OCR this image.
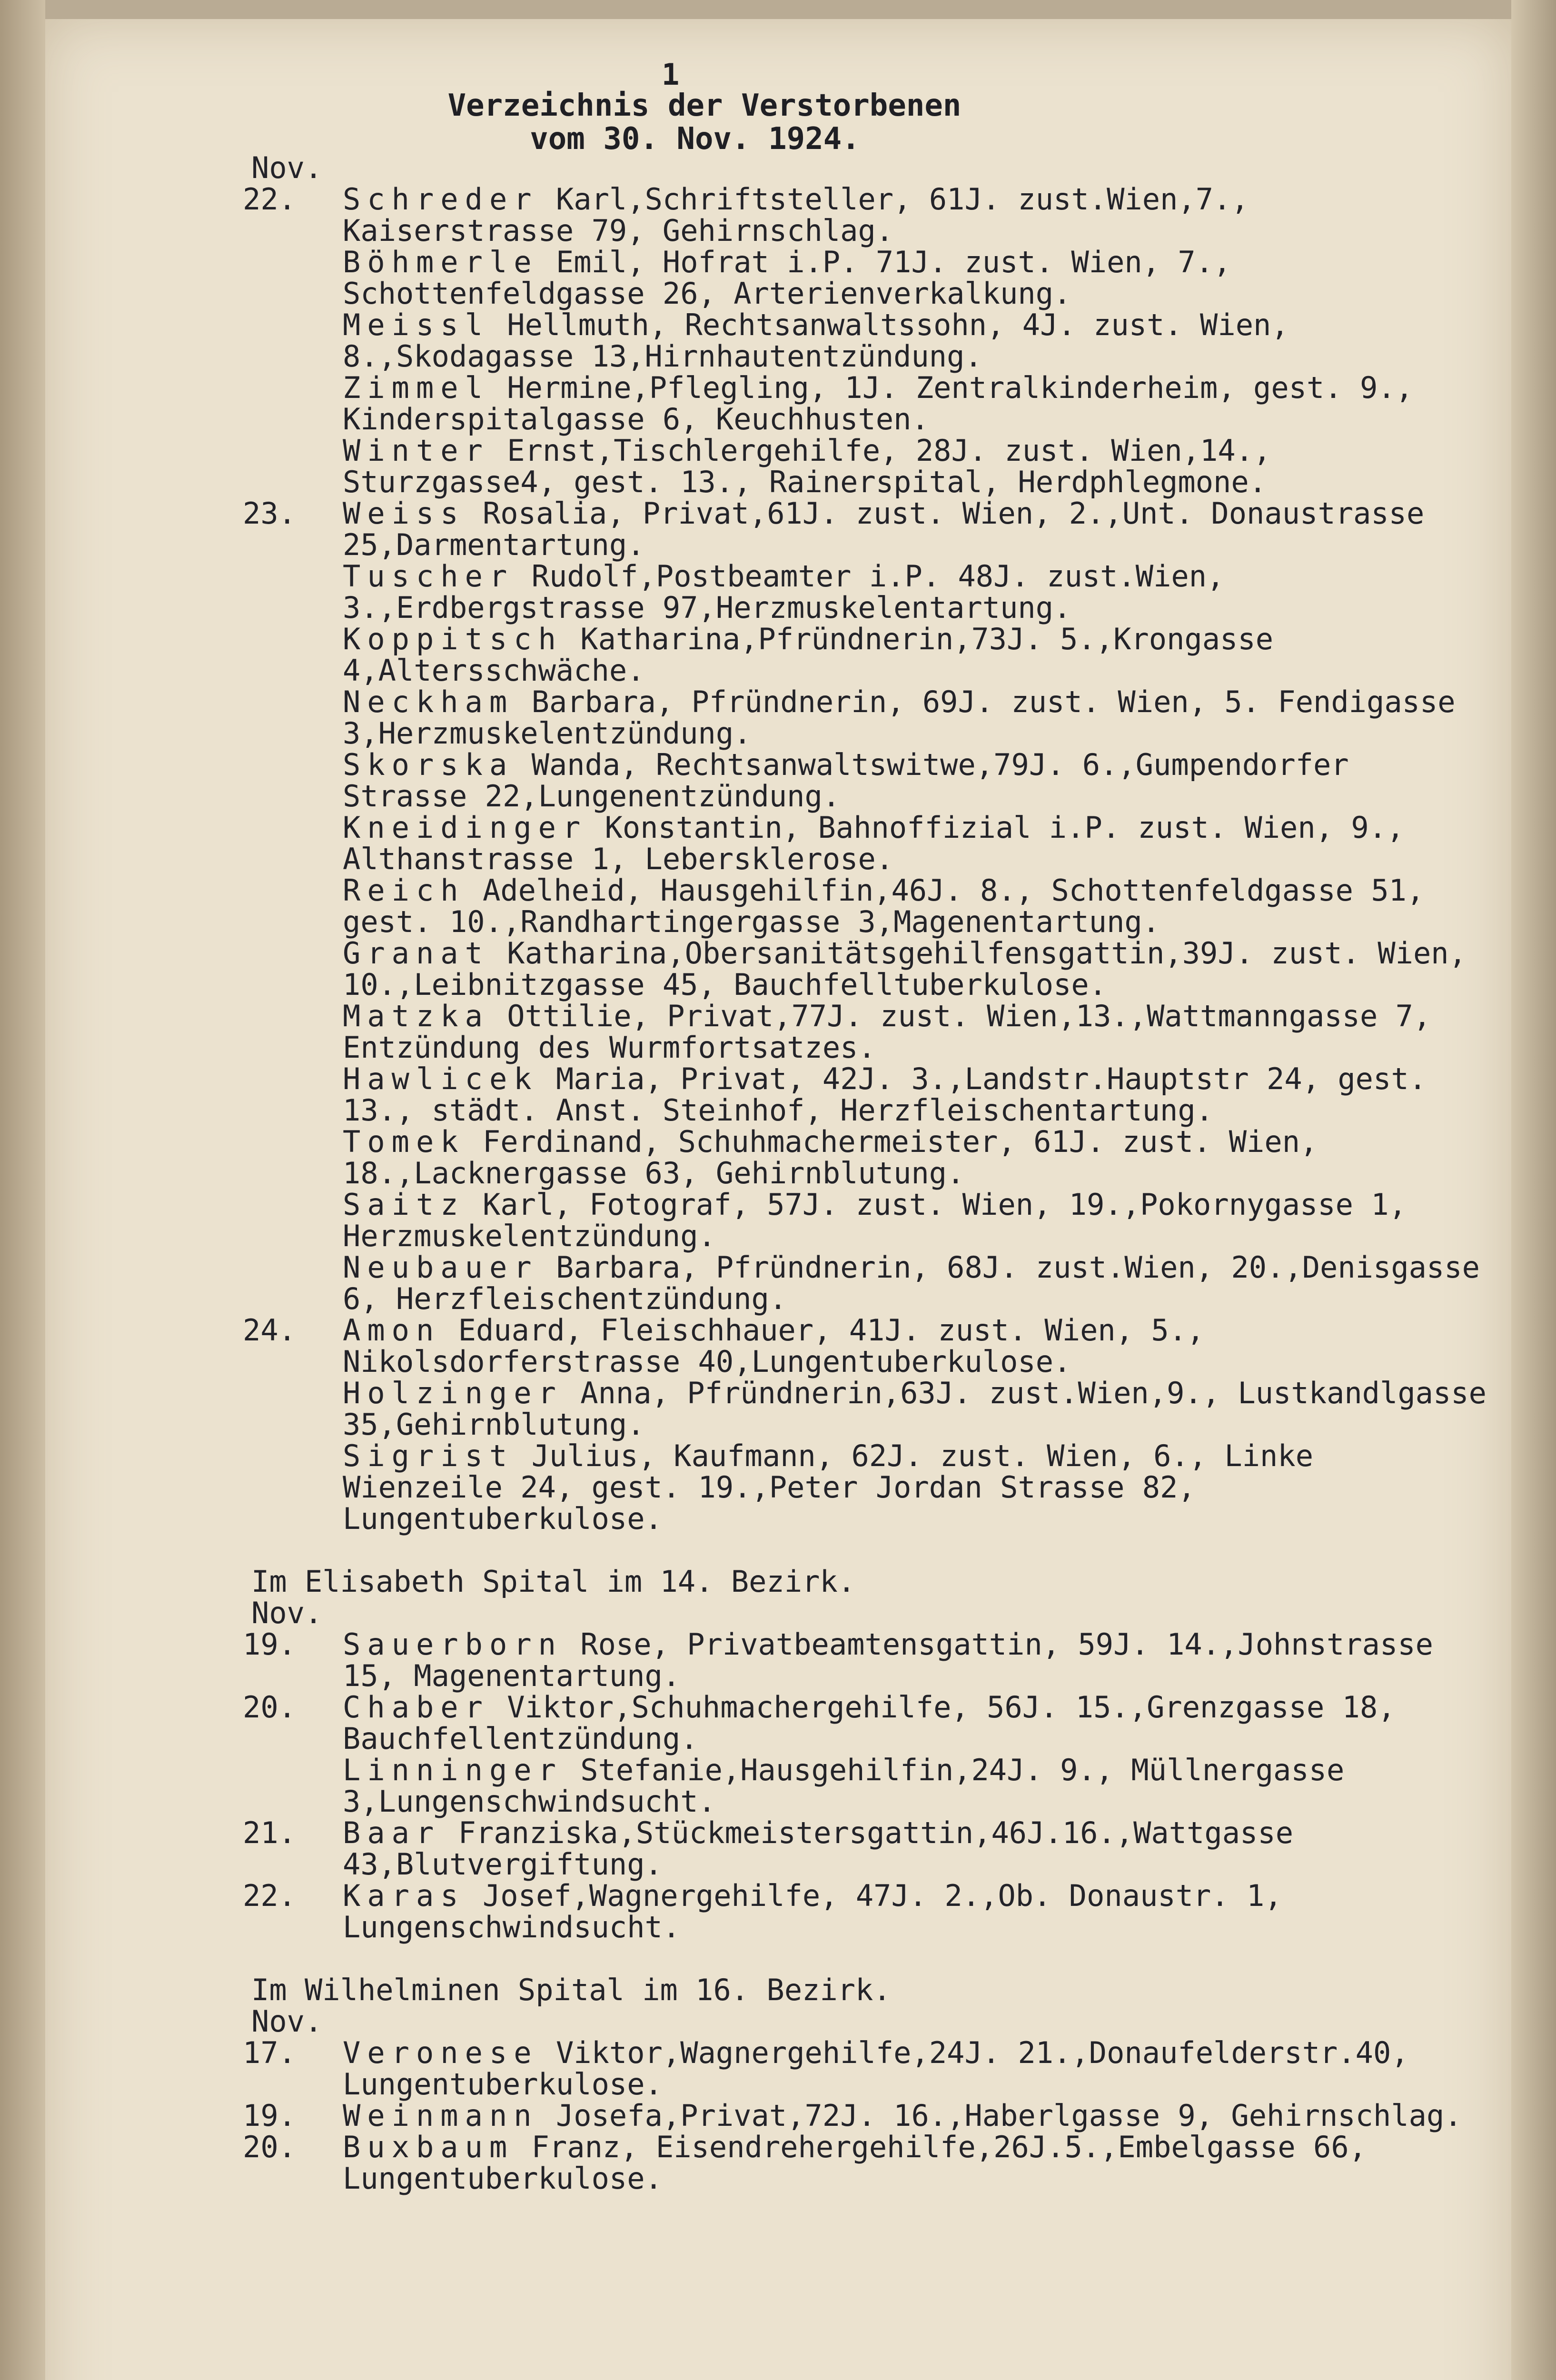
1
Verzeichnis der Verstorbenen
vom 30. Nov. 1924.
Nov.
22.	Schreder Karl,Schriftsteller, 61J. zust.Wien,7., Kaiserstrasse 79, Gehirnschlag.
Böhmerle Emil, Hofrat i.P. 71J. zust. Wien, 7., Schottenfeldgasse 26, Arterienverkalkung.
Meissl Hellmuth, Rechtsanwaltssohn, 4J. zust. Wien, 8.,Skodagasse 13,Hirnhautentzündung.
Zimmel Hermine,Pflegling, 1J. Zentralkinderheim, gest. 9., Kinderspitalgasse 6, Keuchhusten.
Winter Ernst,Tischlergehilfe, 28J. zust. Wien,14., Sturzgasse4, gest. 13., Rainerspital, Herdphlegmone.
23.	Weiss Rosalia, Privat,61J. zust. Wien, 2.,Unt. Donaustrasse 25,Darmentartung.
Tuscher Rudolf,Postbeamter i.P. 48J. zust.Wien, 3.,Erdbergstrasse 97,Herzmuskelentartung.
Koppitsch Katharina,Pfründnerin,73J. 5.,Krongasse 4,Altersschwäche.
Neckham Barbara, Pfründnerin, 69J. zust. Wien, 5. Fendigasse 3,Herzmuskelentzündung.
Skorska Wanda, Rechtsanwaltswitwe,79J. 6.,Gumpendorfer Strasse 22,Lungenentzündung.
Kneidinger Konstantin, Bahnoffizial i.P. zust. Wien, 9., Althanstrasse 1, Lebersklerose.
Reich Adelheid, Hausgehilfin,46J. 8., Schottenfeldgasse 51, gest. 10.,Randhartingergasse 3,Magenentartung.
Granat Katharina,Obersanitätsgehilfensgattin,39J. zust. Wien, 10.,Leibnitzgasse 45, Bauchfelltuberkulose.
Matzka Ottilie, Privat,77J. zust. Wien,13.,Wattmanngasse 7, Entzündung des Wurmfortsatzes.
Hawlicek Maria, Privat, 42J. 3.,Landstr.Hauptstr 24, gest. 13., städt. Anst. Steinhof, Herzfleischentartung.
Tomek Ferdinand, Schuhmachermeister, 61J. zust. Wien, 18.,Lacknergasse 63, Gehirnblutung.
Saitz Karl, Fotograf, 57J. zust. Wien, 19.,Pokornygasse 1, Herzmuskelentzündung.
Neubauer Barbara, Pfründnerin, 68J. zust.Wien, 20.,Denisgasse 6, Herzfleischentzündung.
24.	Amon Eduard, Fleischhauer, 41J. zust. Wien, 5., Nikolsdorferstrasse 40,Lungentuberkulose.
Holzinger Anna, Pfründnerin,63J. zust.Wien,9., Lustkandlgasse 35,Gehirnblutung.
Sigrist Julius, Kaufmann, 62J. zust. Wien, 6., Linke Wienzeile 24, gest. 19.,Peter Jordan Strasse 82, Lungentuberkulose.
Im Elisabeth Spital im 14. Bezirk.
Nov.
19.	Sauerborn Rose, Privatbeamtensgattin, 59J. 14.,Johnstrasse 15, Magenentartung.
20.	Chaber Viktor,Schuhmachergehilfe, 56J. 15.,Grenzgasse 18, Bauchfellentzündung.
Linninger Stefanie,Hausgehilfin,24J. 9., Müllnergasse 3,Lungenschwindsucht.
21.	Baar Franziska,Stückmeistersgattin,46J.16.,Wattgasse 43,Blutvergiftung.
22.	Karas Josef,Wagnergehilfe, 47J. 2.,Ob. Donaustr. 1, Lungenschwindsucht.
Im Wilhelminen Spital im 16. Bezirk.
Nov.
17.	Veronese Viktor,Wagnergehilfe,24J. 21.,Donaufelderstr.40, Lungentuberkulose.
19.	Weinmann Josefa,Privat,72J. 16.,Haberlgasse 9, Gehirnschlag.
20.	Buxbaum Franz, Eisendrehergehilfe,26J.5.,Embelgasse 66, Lungentuberkulose.
